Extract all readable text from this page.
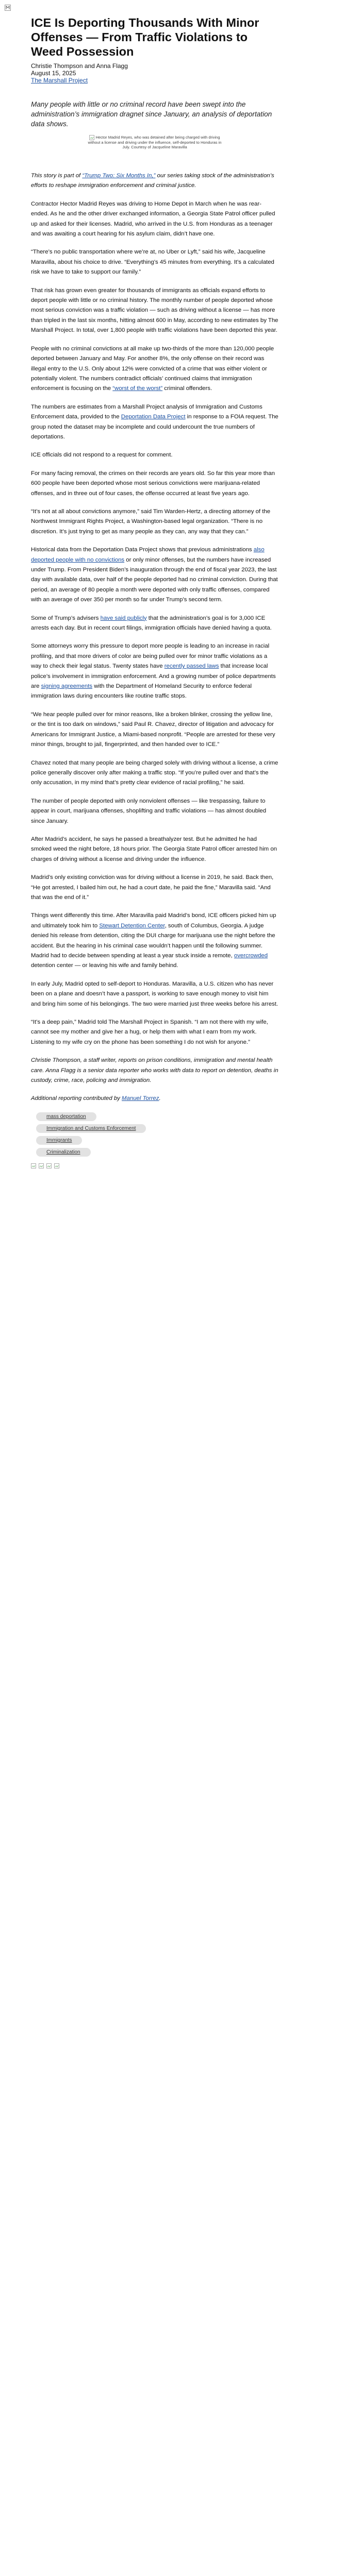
ICE Is Deporting Thousands With Minor Offenses — From Traffic Violations to Weed Possession
Christie Thompson and Anna Flagg
August 15, 2025
The Marshall Project

Many people with little or no criminal record have been swept into the administration’s immigration dragnet since January, an analysis of deportation data shows.

Hector Madrid Reyes, who was detained after being charged with driving without a license and driving under the influence, self-deported to Honduras in July. Courtesy of Jacqueline Maravilla

This story is part of “Trump Two: Six Months In,” our series taking stock of the administration’s efforts to reshape immigration enforcement and criminal justice.

Contractor Hector Madrid Reyes was driving to Home Depot in March when he was rear-ended. As he and the other driver exchanged information, a Georgia State Patrol officer pulled up and asked for their licenses. Madrid, who arrived in the U.S. from Honduras as a teenager and was awaiting a court hearing for his asylum claim, didn’t have one.

“There’s no public transportation where we’re at, no Uber or Lyft,” said his wife, Jacqueline Maravilla, about his choice to drive. “Everything’s 45 minutes from everything. It’s a calculated risk we have to take to support our family.”

That risk has grown even greater for thousands of immigrants as officials expand efforts to deport people with little or no criminal history. The monthly number of people deported whose most serious conviction was a traffic violation — such as driving without a license — has more than tripled in the last six months, hitting almost 600 in May, according to new estimates by The Marshall Project. In total, over 1,800 people with traffic violations have been deported this year.

People with no criminal convictions at all make up two-thirds of the more than 120,000 people deported between January and May. For another 8%, the only offense on their record was illegal entry to the U.S. Only about 12% were convicted of a crime that was either violent or potentially violent. The numbers contradict officials’ continued claims that immigration enforcement is focusing on the “worst of the worst” criminal offenders.

The numbers are estimates from a Marshall Project analysis of Immigration and Customs Enforcement data, provided to the Deportation Data Project in response to a FOIA request. The group noted the dataset may be incomplete and could undercount the true numbers of deportations.

ICE officials did not respond to a request for comment.

For many facing removal, the crimes on their records are years old. So far this year more than 600 people have been deported whose most serious convictions were marijuana-related offenses, and in three out of four cases, the offense occurred at least five years ago.

“It’s not at all about convictions anymore,” said Tim Warden-Hertz, a directing attorney of the Northwest Immigrant Rights Project, a Washington-based legal organization. “There is no discretion. It’s just trying to get as many people as they can, any way that they can.”

Historical data from the Deportation Data Project shows that previous administrations also deported people with no convictions or only minor offenses, but the numbers have increased under Trump. From President Biden’s inauguration through the end of fiscal year 2023, the last day with available data, over half of the people deported had no criminal conviction. During that period, an average of 80 people a month were deported with only traffic offenses, compared with an average of over 350 per month so far under Trump’s second term.

Some of Trump’s advisers have said publicly that the administration’s goal is for 3,000 ICE arrests each day. But in recent court filings, immigration officials have denied having a quota.

Some attorneys worry this pressure to deport more people is leading to an increase in racial profiling, and that more drivers of color are being pulled over for minor traffic violations as a way to check their legal status. Twenty states have recently passed laws that increase local police’s involvement in immigration enforcement. And a growing number of police departments are signing agreements with the Department of Homeland Security to enforce federal immigration laws during encounters like routine traffic stops.

“We hear people pulled over for minor reasons, like a broken blinker, crossing the yellow line, or the tint is too dark on windows,” said Paul R. Chavez, director of litigation and advocacy for Americans for Immigrant Justice, a Miami-based nonprofit. “People are arrested for these very minor things, brought to jail, fingerprinted, and then handed over to ICE.”

Chavez noted that many people are being charged solely with driving without a license, a crime police generally discover only after making a traffic stop. “If you’re pulled over and that’s the only accusation, in my mind that’s pretty clear evidence of racial profiling,” he said.

The number of people deported with only nonviolent offenses — like trespassing, failure to appear in court, marijuana offenses, shoplifting and traffic violations — has almost doubled since January.

After Madrid’s accident, he says he passed a breathalyzer test. But he admitted he had smoked weed the night before, 18 hours prior. The Georgia State Patrol officer arrested him on charges of driving without a license and driving under the influence.

Madrid’s only existing conviction was for driving without a license in 2019, he said. Back then, “He got arrested, I bailed him out, he had a court date, he paid the fine,” Maravilla said. “And that was the end of it.”

Things went differently this time. After Maravilla paid Madrid’s bond, ICE officers picked him up and ultimately took him to Stewart Detention Center, south of Columbus, Georgia. A judge denied his release from detention, citing the DUI charge for marijuana use the night before the accident. But the hearing in his criminal case wouldn’t happen until the following summer. Madrid had to decide between spending at least a year stuck inside a remote, overcrowded detention center — or leaving his wife and family behind.

In early July, Madrid opted to self-deport to Honduras. Maravilla, a U.S. citizen who has never been on a plane and doesn’t have a passport, is working to save enough money to visit him and bring him some of his belongings. The two were married just three weeks before his arrest.

“It’s a deep pain,” Madrid told The Marshall Project in Spanish. “I am not there with my wife, cannot see my mother and give her a hug, or help them with what I earn from my work. Listening to my wife cry on the phone has been something I do not wish for anyone.”

Christie Thompson, a staff writer, reports on prison conditions, immigration and mental health care. Anna Flagg is a senior data reporter who works with data to report on detention, deaths in custody, crime, race, policing and immigration.

Additional reporting contributed by Manuel Torrez.

mass deportation
Immigration and Customs Enforcement
Immigrants
Criminalization
